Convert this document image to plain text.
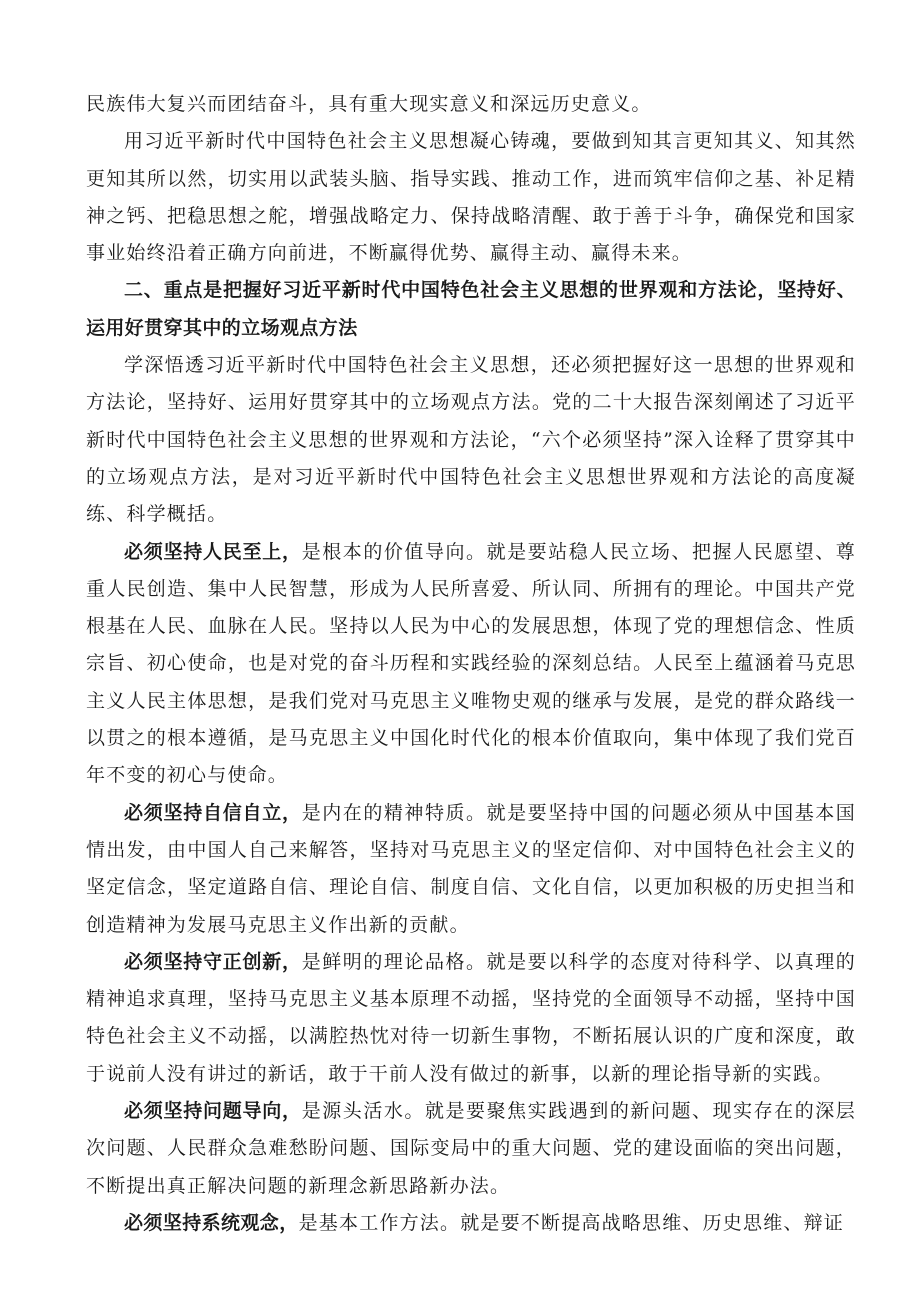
民族伟大复兴而团结奋斗，具有重大现实意义和深远历史意义。

用习近平新时代中国特色社会主义思想凝心铸魂，要做到知其言更知其义、知其然更知其所以然，切实用以武装头脑、指导实践、推动工作，进而筑牢信仰之基、补足精神之钙、把稳思想之舵，增强战略定力、保持战略清醒、敢于善于斗争，确保党和国家事业始终沿着正确方向前进，不断赢得优势、赢得主动、赢得未来。

二、重点是把握好习近平新时代中国特色社会主义思想的世界观和方法论，坚持好、运用好贯穿其中的立场观点方法

学深悟透习近平新时代中国特色社会主义思想，还必须把握好这一思想的世界观和方法论，坚持好、运用好贯穿其中的立场观点方法。党的二十大报告深刻阐述了习近平新时代中国特色社会主义思想的世界观和方法论，“六个必须坚持”深入诠释了贯穿其中的立场观点方法，是对习近平新时代中国特色社会主义思想世界观和方法论的高度凝练、科学概括。

必须坚持人民至上，是根本的价值导向。就是要站稳人民立场、把握人民愿望、尊重人民创造、集中人民智慧，形成为人民所喜爱、所认同、所拥有的理论。中国共产党根基在人民、血脉在人民。坚持以人民为中心的发展思想，体现了党的理想信念、性质宗旨、初心使命，也是对党的奋斗历程和实践经验的深刻总结。人民至上蕴涵着马克思主义人民主体思想，是我们党对马克思主义唯物史观的继承与发展，是党的群众路线一以贯之的根本遵循，是马克思主义中国化时代化的根本价值取向，集中体现了我们党百年不变的初心与使命。

必须坚持自信自立，是内在的精神特质。就是要坚持中国的问题必须从中国基本国情出发，由中国人自己来解答，坚持对马克思主义的坚定信仰、对中国特色社会主义的坚定信念，坚定道路自信、理论自信、制度自信、文化自信，以更加积极的历史担当和创造精神为发展马克思主义作出新的贡献。

必须坚持守正创新，是鲜明的理论品格。就是要以科学的态度对待科学、以真理的精神追求真理，坚持马克思主义基本原理不动摇，坚持党的全面领导不动摇，坚持中国特色社会主义不动摇，以满腔热忱对待一切新生事物，不断拓展认识的广度和深度，敢于说前人没有讲过的新话，敢于干前人没有做过的新事，以新的理论指导新的实践。

必须坚持问题导向，是源头活水。就是要聚焦实践遇到的新问题、现实存在的深层次问题、人民群众急难愁盼问题、国际变局中的重大问题、党的建设面临的突出问题，不断提出真正解决问题的新理念新思路新办法。

必须坚持系统观念，是基本工作方法。就是要不断提高战略思维、历史思维、辩证
